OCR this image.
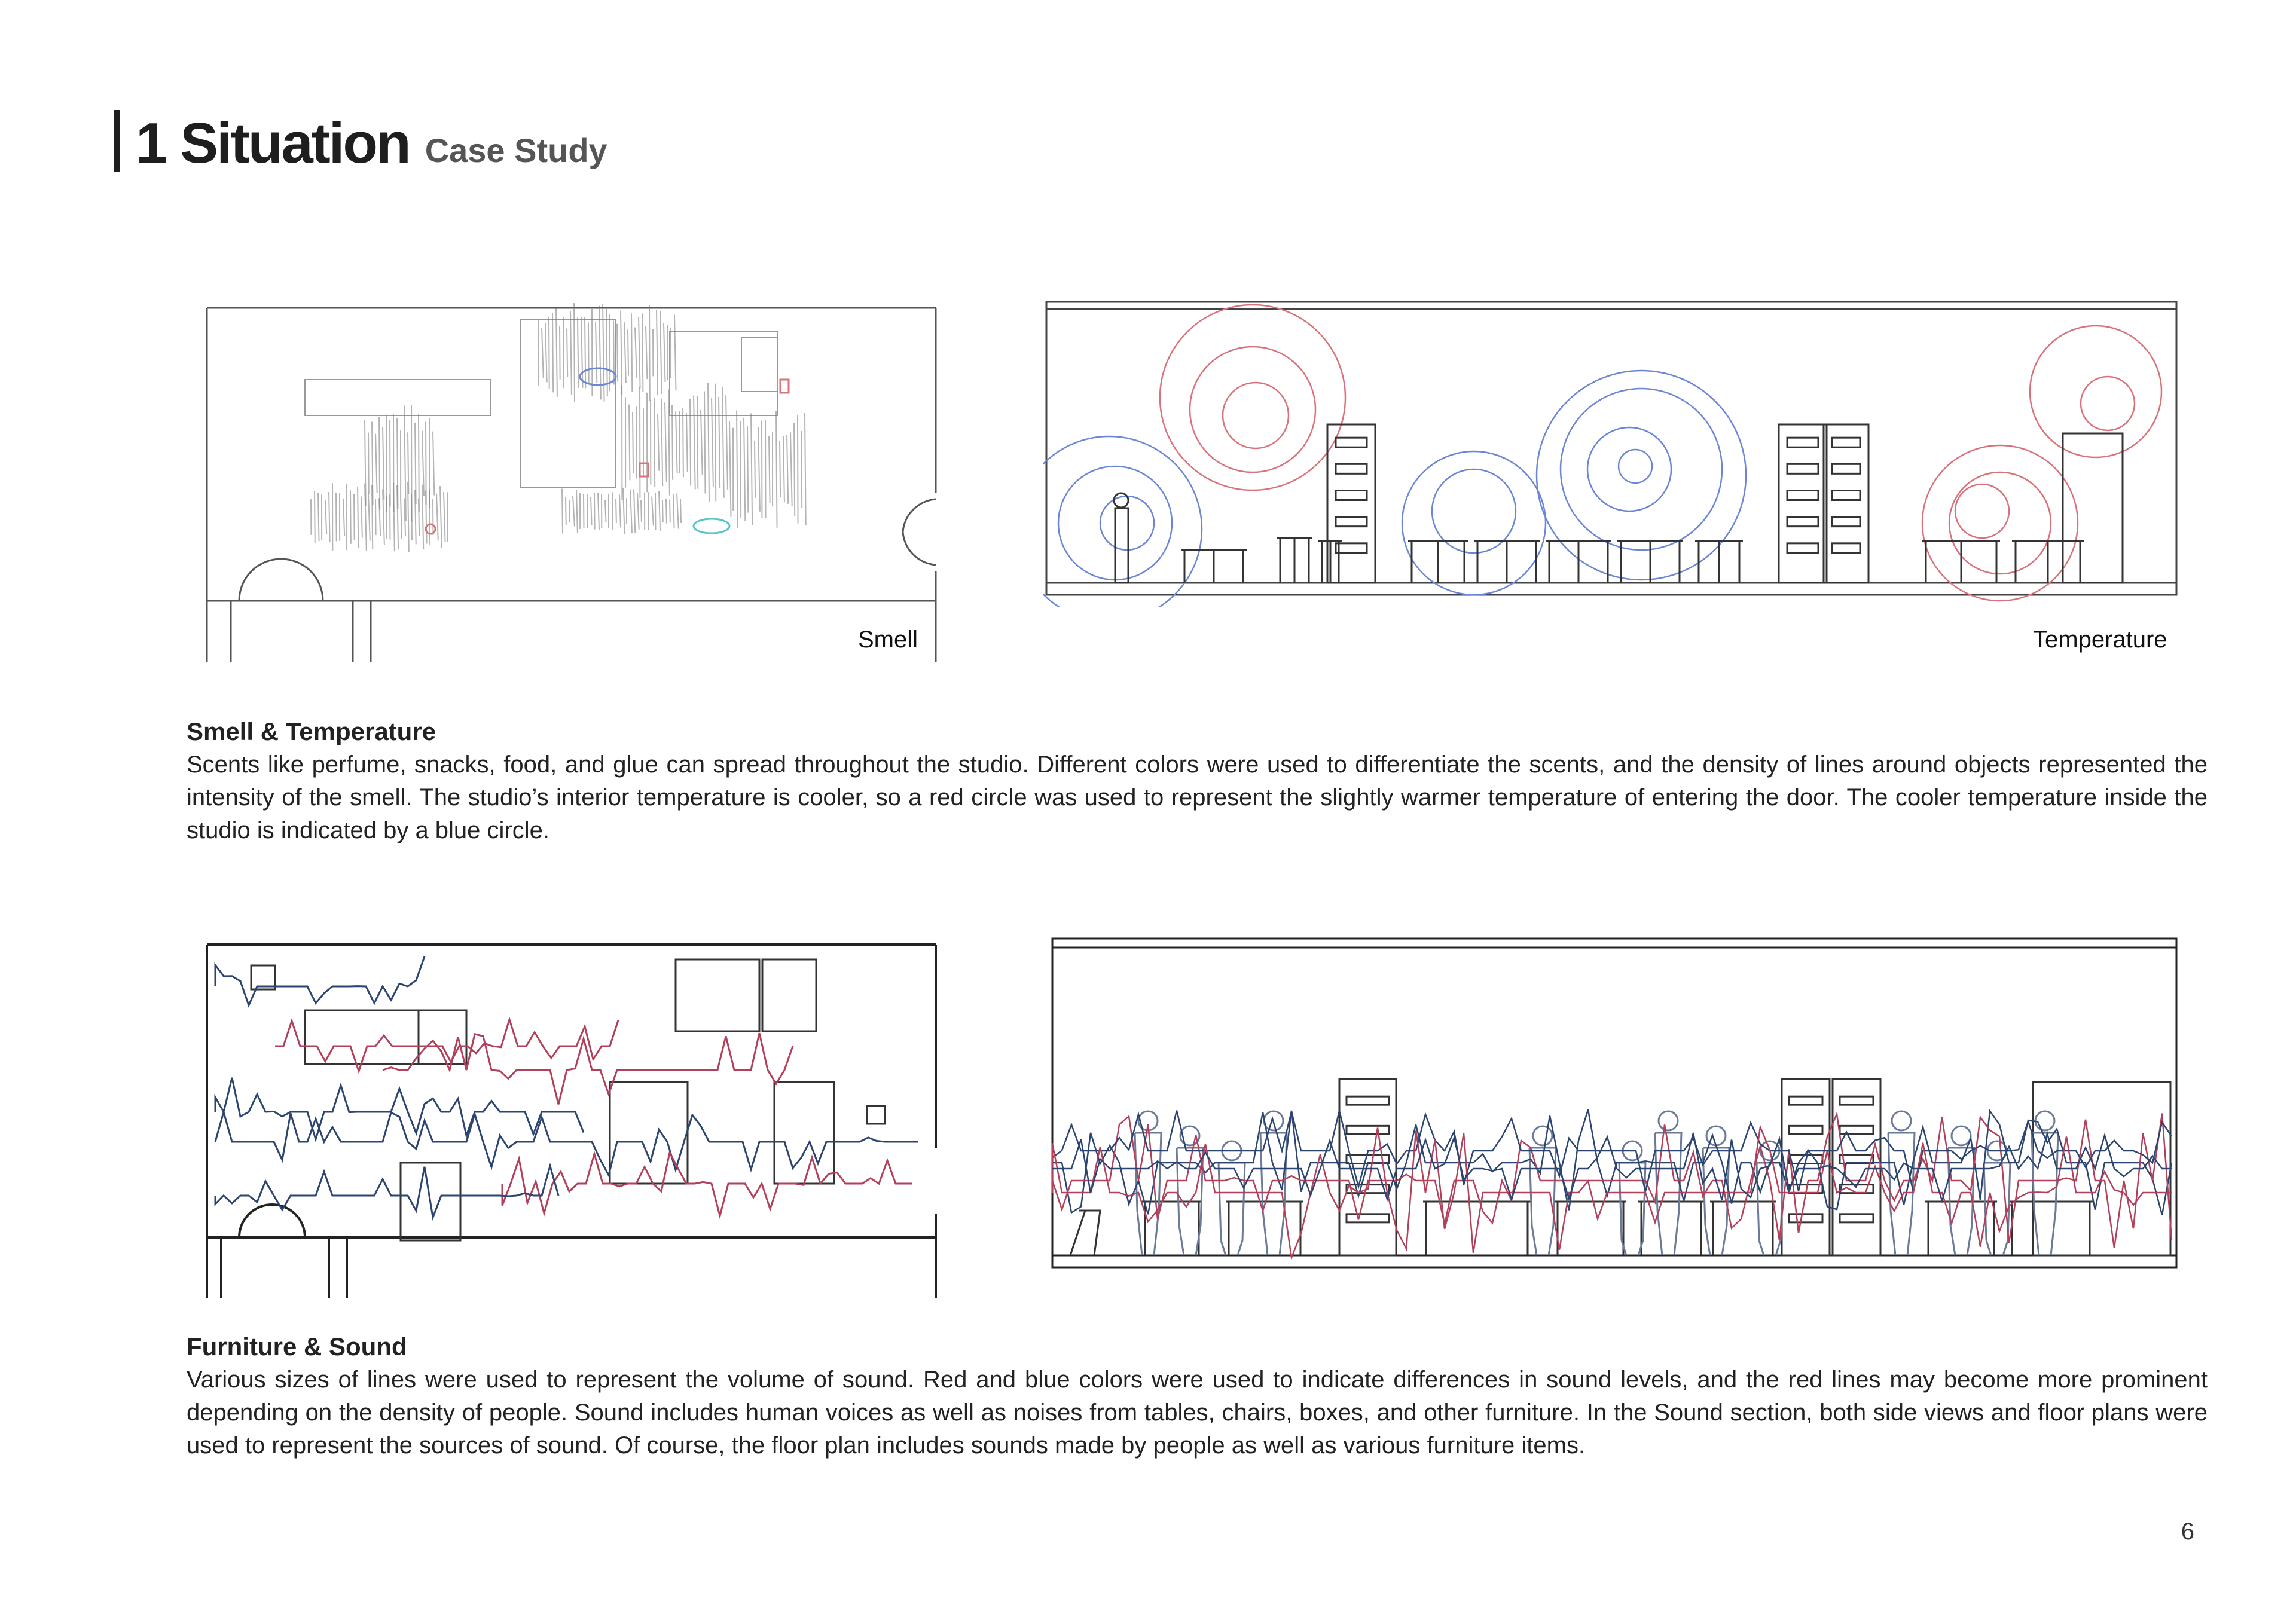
1 Situation Case Study
Smell	Temperature
Smell & Temperature

Scents like perfume, snacks, food, and glue can spread throughout the studio. Different colors were used to differentiate the scents, and the density of lines around objects represented the intensity of the smell. The studio’s interior temperature is cooler, so a red circle was used to represent the slightly warmer temperature of entering the door. The cooler temperature inside the studio is indicated by a blue circle.

Furniture & Sound

Various sizes of lines were used to represent the volume of sound. Red and blue colors were used to indicate differences in sound levels, and the red lines may become more prominent depending on the density of people. Sound includes human voices as well as noises from tables, chairs, boxes, and other furniture. In the Sound section, both side views and floor plans were used to represent the sources of sound. Of course, the floor plan includes sounds made by people as well as various furniture items.

6
